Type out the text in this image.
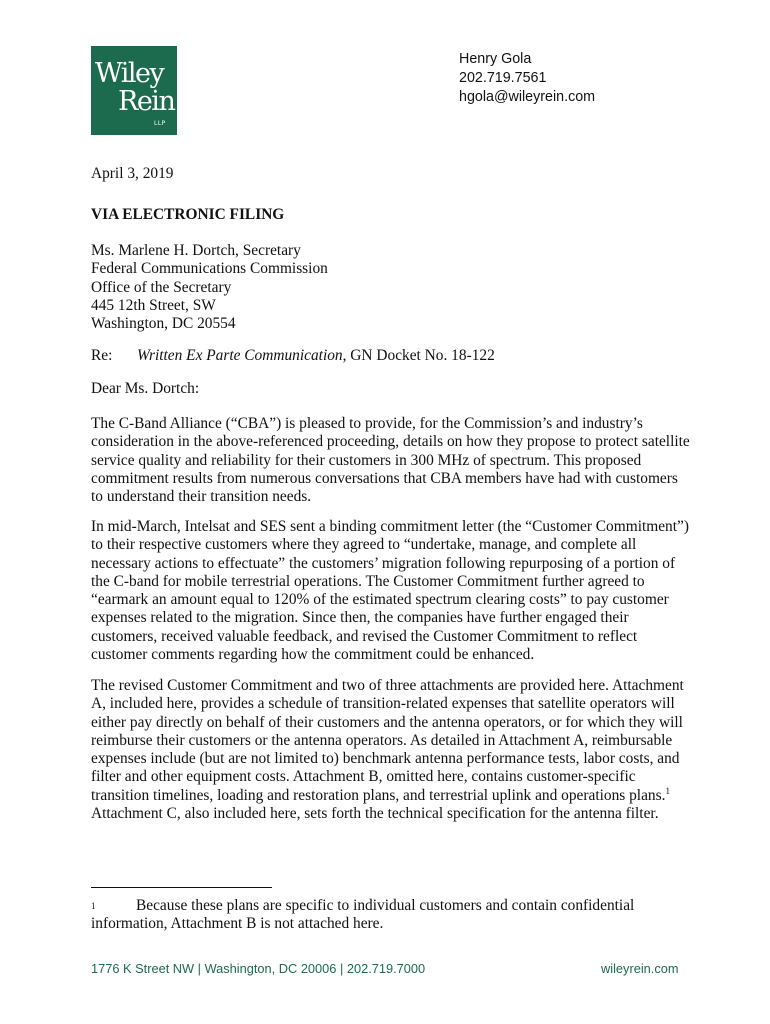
Wiley
Rein
LLP
Henry Gola
202.719.7561
hgola@wileyrein.com
April 3, 2019
VIA ELECTRONIC FILING
Ms. Marlene H. Dortch, Secretary
Federal Communications Commission
Office of the Secretary
445 12th Street, SW
Washington, DC 20554
Re: Written Ex Parte Communication, GN Docket No. 18-122
Dear Ms. Dortch:
The C-Band Alliance (“CBA”) is pleased to provide, for the Commission’s and industry’s
consideration in the above-referenced proceeding, details on how they propose to protect satellite
service quality and reliability for their customers in 300 MHz of spectrum. This proposed
commitment results from numerous conversations that CBA members have had with customers
to understand their transition needs.
In mid-March, Intelsat and SES sent a binding commitment letter (the “Customer Commitment”)
to their respective customers where they agreed to “undertake, manage, and complete all
necessary actions to effectuate” the customers’ migration following repurposing of a portion of
the C-band for mobile terrestrial operations. The Customer Commitment further agreed to
“earmark an amount equal to 120% of the estimated spectrum clearing costs” to pay customer
expenses related to the migration. Since then, the companies have further engaged their
customers, received valuable feedback, and revised the Customer Commitment to reflect
customer comments regarding how the commitment could be enhanced.
The revised Customer Commitment and two of three attachments are provided here. Attachment
A, included here, provides a schedule of transition-related expenses that satellite operators will
either pay directly on behalf of their customers and the antenna operators, or for which they will
reimburse their customers or the antenna operators. As detailed in Attachment A, reimbursable
expenses include (but are not limited to) benchmark antenna performance tests, labor costs, and
filter and other equipment costs. Attachment B, omitted here, contains customer-specific
transition timelines, loading and restoration plans, and terrestrial uplink and operations plans.$^1$
Attachment C, also included here, sets forth the technical specification for the antenna filter.
1	Because these plans are specific to individual customers and contain confidential
information, Attachment B is not attached here.
1776 K Street NW | Washington, DC 20006 | 202.719.7000	wileyrein.com
